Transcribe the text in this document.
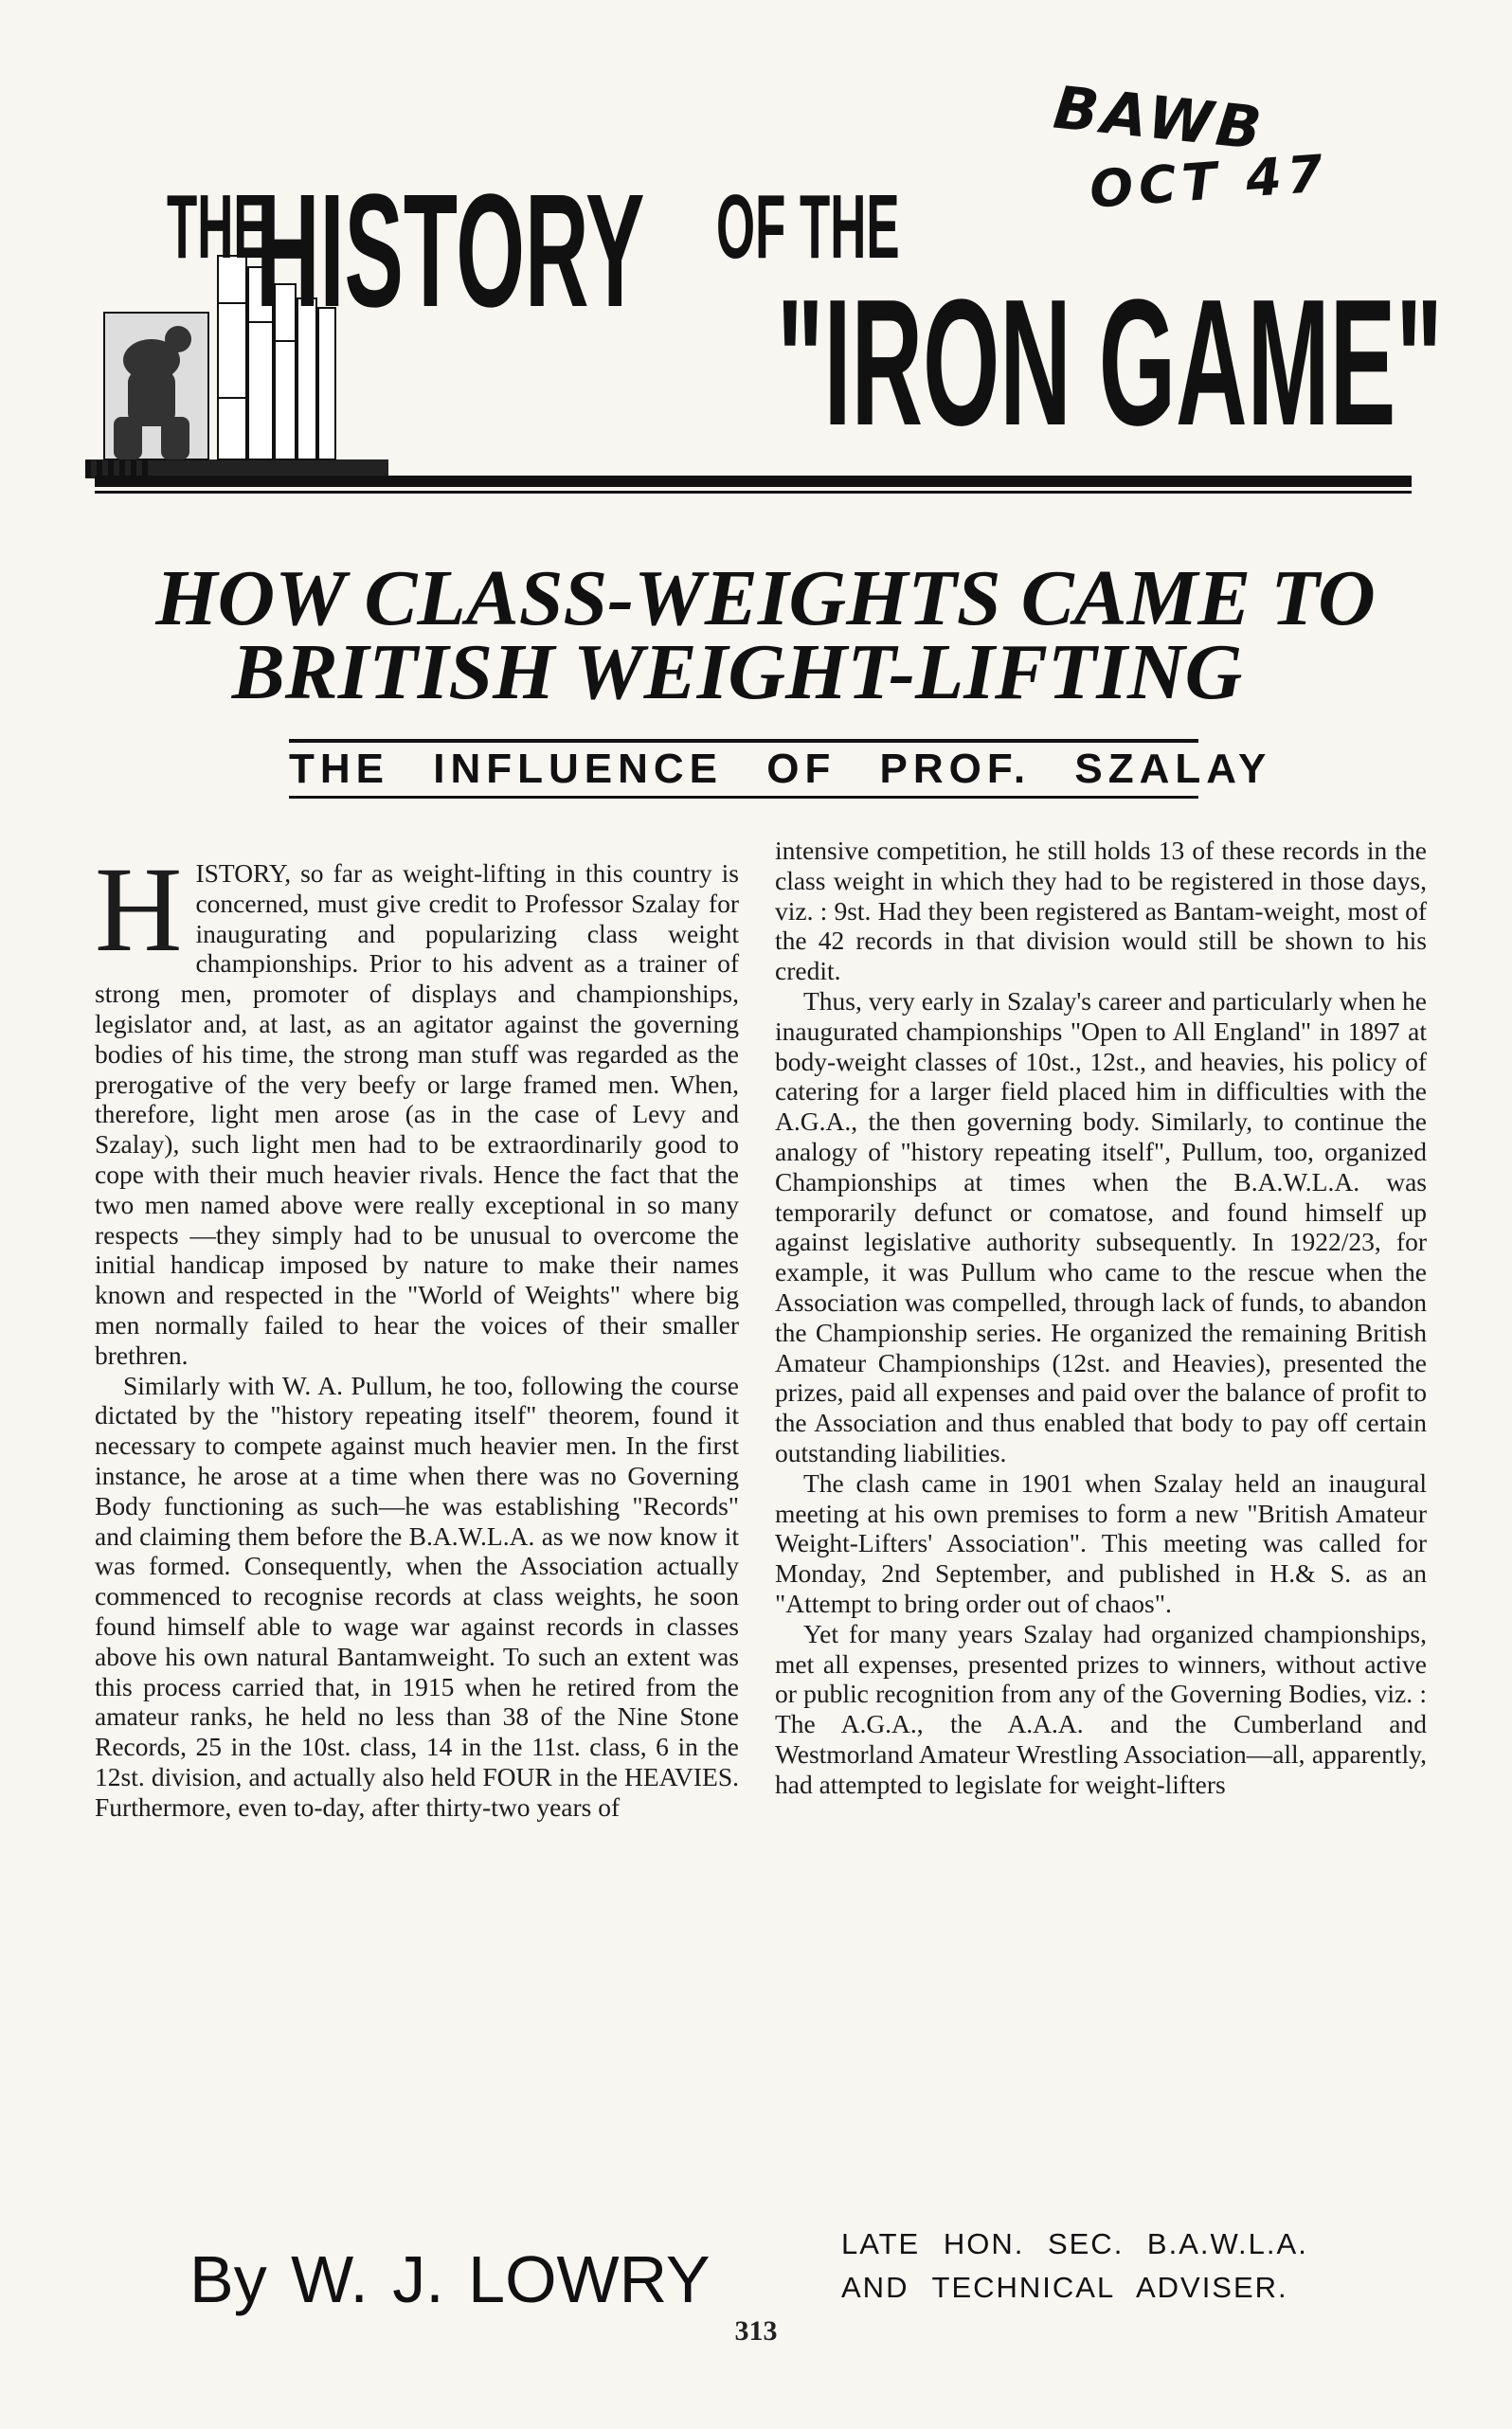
BAWB
OCT 47
THE
HISTORY OF THE
"IRON GAME"
HOW CLASS-WEIGHTS CAME TO
BRITISH WEIGHT-LIFTING
THE INFLUENCE OF PROF. SZALAY

HISTORY, so far as weight-lifting in this country is concerned, must give credit to Professor Szalay for inaugurating and popularizing class weight championships. Prior to his advent as a trainer of strong men, promoter of displays and championships, legislator and, at last, as an agitator against the governing bodies of his time, the strong man stuff was regarded as the prerogative of the very beefy or large framed men. When, therefore, light men arose (as in the case of Levy and Szalay), such light men had to be extraordinarily good to cope with their much heavier rivals. Hence the fact that the two men named above were really exceptional in so many respects —they simply had to be unusual to overcome the initial handicap imposed by nature to make their names known and respected in the "World of Weights" where big men normally failed to hear the voices of their smaller brethren.

Similarly with W. A. Pullum, he too, following the course dictated by the "history repeating itself" theorem, found it necessary to compete against much heavier men. In the first instance, he arose at a time when there was no Governing Body functioning as such—he was establishing "Records" and claiming them before the B.A.W.L.A. as we now know it was formed. Consequently, when the Association actually commenced to recognise records at class weights, he soon found himself able to wage war against records in classes above his own natural Bantamweight. To such an extent was this process carried that, in 1915 when he retired from the amateur ranks, he held no less than 38 of the Nine Stone Records, 25 in the 10st. class, 14 in the 11st. class, 6 in the 12st. division, and actually also held FOUR in the HEAVIES. Furthermore, even to-day, after thirty-two years of

intensive competition, he still holds 13 of these records in the class weight in which they had to be registered in those days, viz. : 9st. Had they been registered as Bantam-weight, most of the 42 records in that division would still be shown to his credit.

Thus, very early in Szalay's career and particularly when he inaugurated championships "Open to All England" in 1897 at body-weight classes of 10st., 12st., and heavies, his policy of catering for a larger field placed him in difficulties with the A.G.A., the then governing body. Similarly, to continue the analogy of "history repeating itself", Pullum, too, organized Championships at times when the B.A.W.L.A. was temporarily defunct or comatose, and found himself up against legislative authority subsequently. In 1922/23, for example, it was Pullum who came to the rescue when the Association was compelled, through lack of funds, to abandon the Championship series. He organized the remaining British Amateur Championships (12st. and Heavies), presented the prizes, paid all expenses and paid over the balance of profit to the Association and thus enabled that body to pay off certain outstanding liabilities.

The clash came in 1901 when Szalay held an inaugural meeting at his own premises to form a new "British Amateur Weight-Lifters' Association". This meeting was called for Monday, 2nd September, and published in H.& S. as an "Attempt to bring order out of chaos".

Yet for many years Szalay had organized championships, met all expenses, presented prizes to winners, without active or public recognition from any of the Governing Bodies, viz. : The A.G.A., the A.A.A. and the Cumberland and Westmorland Amateur Wrestling Association—all, apparently, had attempted to legislate for weight-lifters

By W. J. LOWRY	LATE HON. SEC. B.A.W.L.A.
AND TECHNICAL ADVISER.
313
